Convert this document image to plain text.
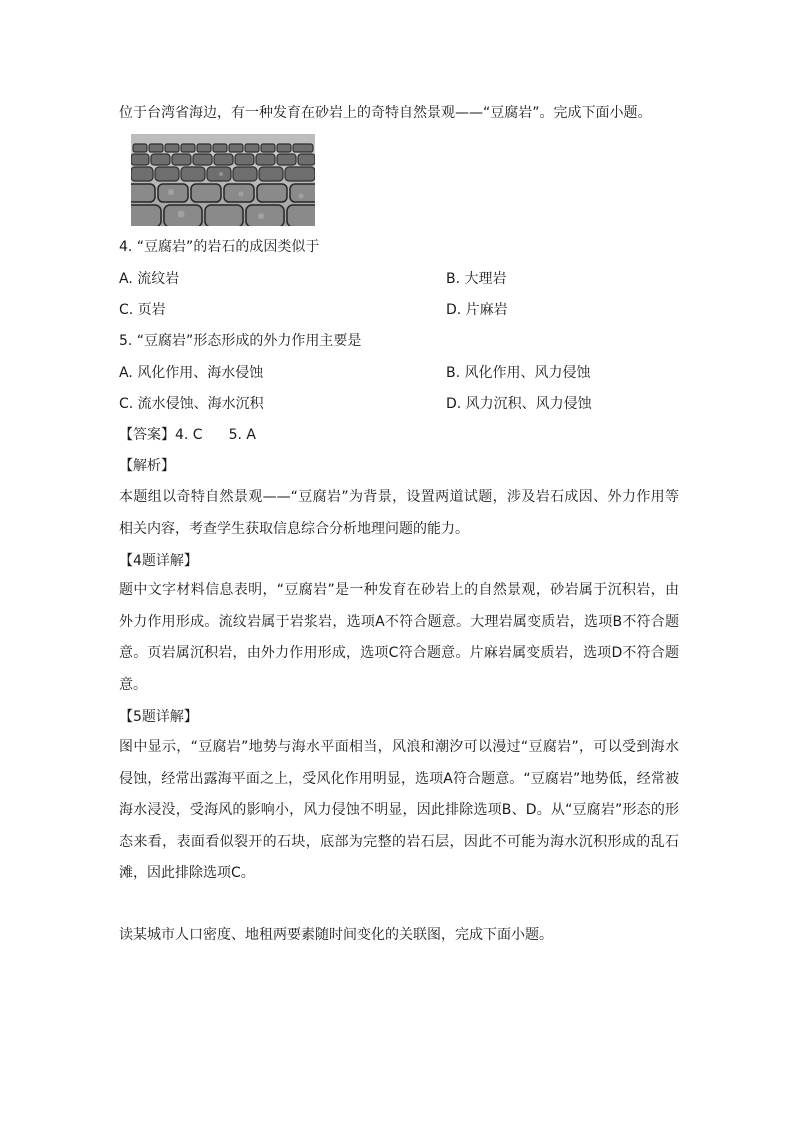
位于台湾省海边，有一种发育在砂岩上的奇特自然景观——“豆腐岩”。完成下面小题。
4. “豆腐岩”的岩石的成因类似于
A. 流纹岩	B. 大理岩
C. 页岩	D. 片麻岩
5. “豆腐岩”形态形成的外力作用主要是
A. 风化作用、海水侵蚀	B. 风化作用、风力侵蚀
C. 流水侵蚀、海水沉积	D. 风力沉积、风力侵蚀
【答案】4. C 5. A
【解析】
本题组以奇特自然景观——“豆腐岩”为背景，设置两道试题，涉及岩石成因、外力作用等相关内容，考查学生获取信息综合分析地理问题的能力。
【4题详解】
题中文字材料信息表明，“豆腐岩”是一种发育在砂岩上的自然景观，砂岩属于沉积岩，由外力作用形成。流纹岩属于岩浆岩，选项A不符合题意。大理岩属变质岩，选项B不符合题意。页岩属沉积岩，由外力作用形成，选项C符合题意。片麻岩属变质岩，选项D不符合题意。
【5题详解】
图中显示，“豆腐岩”地势与海水平面相当，风浪和潮汐可以漫过“豆腐岩”，可以受到海水侵蚀，经常出露海平面之上，受风化作用明显，选项A符合题意。“豆腐岩”地势低，经常被海水浸没，受海风的影响小，风力侵蚀不明显，因此排除选项B、D。从“豆腐岩”形态的形态来看，表面看似裂开的石块，底部为完整的岩石层，因此不可能为海水沉积形成的乱石滩，因此排除选项C。
读某城市人口密度、地租两要素随时间变化的关联图，完成下面小题。
